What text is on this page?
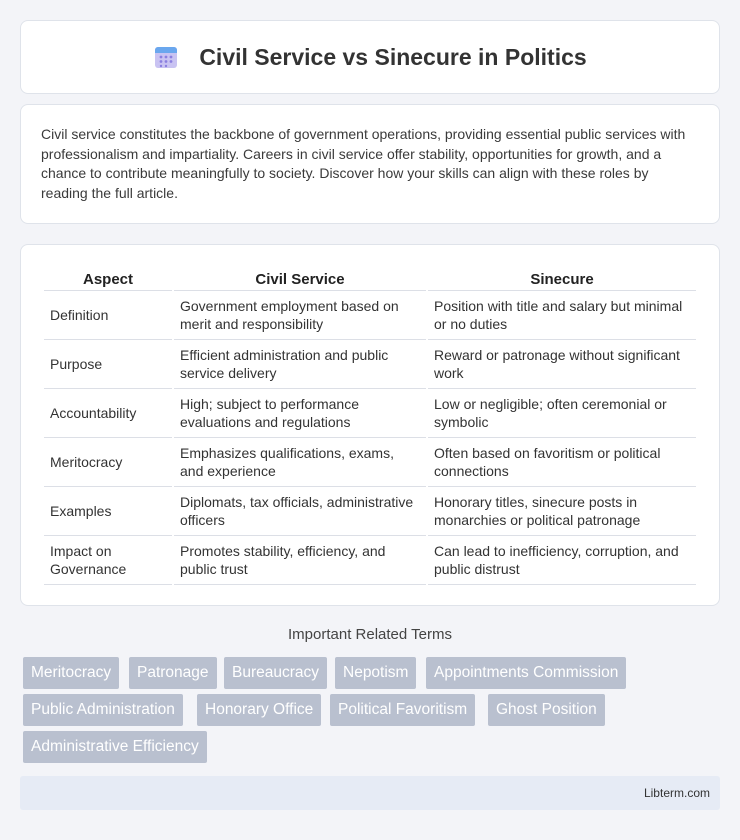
Civil Service vs Sinecure in Politics

Civil service constitutes the backbone of government operations, providing essential public services with professionalism and impartiality. Careers in civil service offer stability, opportunities for growth, and a chance to contribute meaningfully to society. Discover how your skills can align with these roles by reading the full article.

Aspect	Civil Service	Sinecure
Definition	Government employment based on merit and responsibility	Position with title and salary but minimal or no duties
Purpose	Efficient administration and public service delivery	Reward or patronage without significant work
Accountability	High; subject to performance evaluations and regulations	Low or negligible; often ceremonial or symbolic
Meritocracy	Emphasizes qualifications, exams, and experience	Often based on favoritism or political connections
Examples	Diplomats, tax officials, administrative officers	Honorary titles, sinecure posts in monarchies or political patronage
Impact on Governance	Promotes stability, efficiency, and public trust	Can lead to inefficiency, corruption, and public distrust
Important Related Terms
Meritocracy	Patronage	Bureaucracy	Nepotism	Appointments Commission
Public Administration	Honorary Office	Political Favoritism	Ghost Position
Administrative Efficiency
Libterm.com
